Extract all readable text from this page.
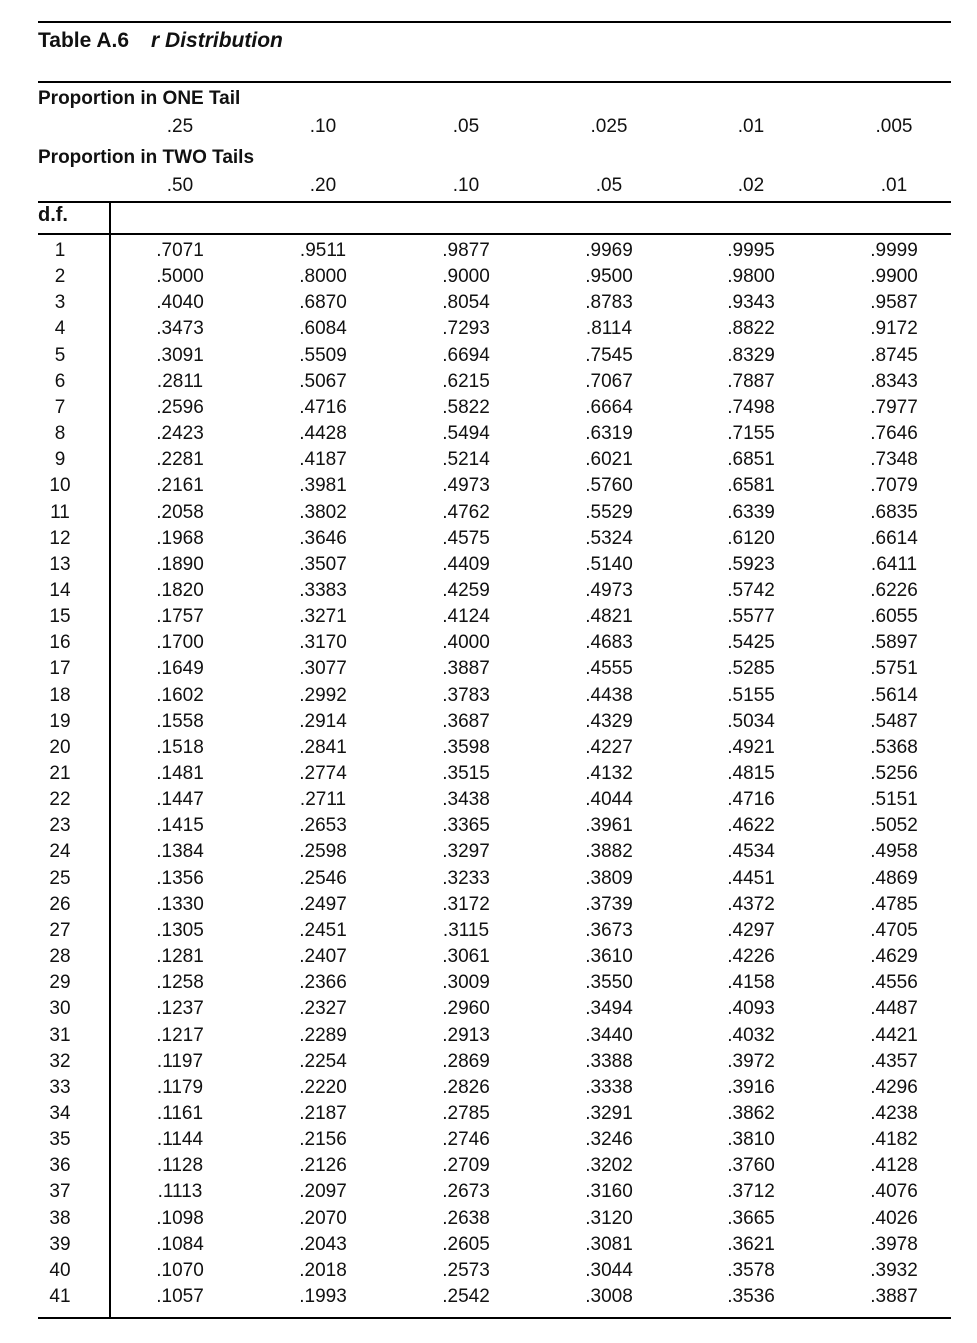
Table A.6 r Distribution
Proportion in ONE Tail
.25	.10	.05	.025	.01	.005
Proportion in TWO Tails
.50	.20	.10	.05	.02	.01
d.f.
1	.7071	.9511	.9877	.9969	.9995	.9999
2	.5000	.8000	.9000	.9500	.9800	.9900
3	.4040	.6870	.8054	.8783	.9343	.9587
4	.3473	.6084	.7293	.8114	.8822	.9172
5	.3091	.5509	.6694	.7545	.8329	.8745
6	.2811	.5067	.6215	.7067	.7887	.8343
7	.2596	.4716	.5822	.6664	.7498	.7977
8	.2423	.4428	.5494	.6319	.7155	.7646
9	.2281	.4187	.5214	.6021	.6851	.7348
10	.2161	.3981	.4973	.5760	.6581	.7079
11	.2058	.3802	.4762	.5529	.6339	.6835
12	.1968	.3646	.4575	.5324	.6120	.6614
13	.1890	.3507	.4409	.5140	.5923	.6411
14	.1820	.3383	.4259	.4973	.5742	.6226
15	.1757	.3271	.4124	.4821	.5577	.6055
16	.1700	.3170	.4000	.4683	.5425	.5897
17	.1649	.3077	.3887	.4555	.5285	.5751
18	.1602	.2992	.3783	.4438	.5155	.5614
19	.1558	.2914	.3687	.4329	.5034	.5487
20	.1518	.2841	.3598	.4227	.4921	.5368
21	.1481	.2774	.3515	.4132	.4815	.5256
22	.1447	.2711	.3438	.4044	.4716	.5151
23	.1415	.2653	.3365	.3961	.4622	.5052
24	.1384	.2598	.3297	.3882	.4534	.4958
25	.1356	.2546	.3233	.3809	.4451	.4869
26	.1330	.2497	.3172	.3739	.4372	.4785
27	.1305	.2451	.3115	.3673	.4297	.4705
28	.1281	.2407	.3061	.3610	.4226	.4629
29	.1258	.2366	.3009	.3550	.4158	.4556
30	.1237	.2327	.2960	.3494	.4093	.4487
31	.1217	.2289	.2913	.3440	.4032	.4421
32	.1197	.2254	.2869	.3388	.3972	.4357
33	.1179	.2220	.2826	.3338	.3916	.4296
34	.1161	.2187	.2785	.3291	.3862	.4238
35	.1144	.2156	.2746	.3246	.3810	.4182
36	.1128	.2126	.2709	.3202	.3760	.4128
37	.1113	.2097	.2673	.3160	.3712	.4076
38	.1098	.2070	.2638	.3120	.3665	.4026
39	.1084	.2043	.2605	.3081	.3621	.3978
40	.1070	.2018	.2573	.3044	.3578	.3932
41	.1057	.1993	.2542	.3008	.3536	.3887
